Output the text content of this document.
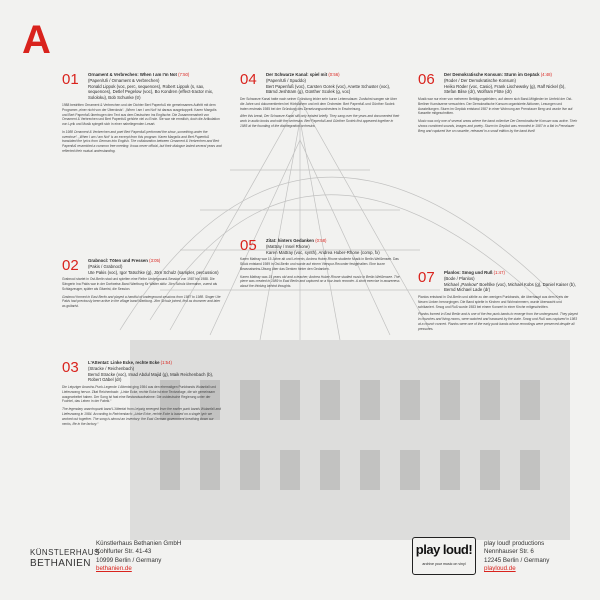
A
01	Ornament & Verbrechen: When I am I'm Not (7:50)
(Papen/Uli / Ornament & Verbrechen)
Ronald Lippok (voc, perc, sequences), Robert Lippok (s, sax, sequences), Detlef Pegelow (voc), Bo Kondren (effect-tractor mix, Sololoku), Bob Schunke (tr)

1988 bestritten Ornament & Verbrechen und der Dichter Bert Papenfuß ein gemeinsames Auftritt mit dem Programm „einer nicht von der Überdosis“. „When I am I am Not“ ist daraus ausgekoppelt. Karen Margolis und Bert Papenfuß übertrugen den Text aus dem Deutschen ins Englische. Die Zusammenarbeit von Ornament & Verbrechen und Bert Papenfuß gehörte viel zu Ende. Sie war nie ernstlich, doch die Artikulation von Lyrik und Musik spiegelt sich in einer naheliegenden Lesart.

In 1988 Ornament & Verbrechen and poet Bert Papenfuß performed the show „something under the overdose“. „When I am I am Not“ is an excerpt from this program. Karen Margolis and Bert Papenfuß translated the lyrics from German into English. The collaboration between Ornament & Verbrechen and Bert Papenfuß resembled a common free meeting: it was never official, but their dialogue lasted several years and reflected their mutual understanding.

02	Grabnocl: Töten und Fressen (3:05)
(Pakis / Grabnocl)
Ute Pakis (voc), Igor Tatschke (g), Jörn Schulz (sampler, percussion)

Grabnocl startet in Ost-Berlin stad und spielten eine Reihe Underground-Session von 1987 bis 1988. Die Sängerin Ina Pakis war in der Dorfweise-Band Wartburg für Walter aktiv. Jörn Schulz übernahm, zuerst als Schlagzeuger, später als Gitarrist, die Session.

Grabnocl formed in East Berlin and played a handful of underground sessions from 1987 to 1988. Singer Ute Pakis had previously been active in the village band Wartburg. Jörn Schulz joined, first as drummer and later as guitarist.

03	L'Attentat: Linke Ecke, rechte Ecke (1:54)
(Stracke / Reichenbach)
Bernd Stracke (voc), Imad Abdul Majid (g), Maik Reichenbach (b), Robert Gäbel (dr)

Die Leipziger Anarcho-Punk-Legende L'Attentat ging 1984 aus den ehemaligen Punkbands Wutanfall und Lieferzwang hervor. Zitat Reichenbach: „Linke Ecke, rechte Ecke ist eine Textvorlage, die wir gemeinsam ausgearbeitet haben. Der Song ist fast eine Bestandsaufnahme: Die ostdeutsche Regierung unter der Fuchtel, das Leben in der Fabrik.“

The legendary anarchopunk band L'Attentat from Leipzig emerged from the earlier punk bands Wutanfall and Lieferzwang in 1984. According to Reichenbach: „Linke Ecke, rechte Ecke is based on a single lyric we worked out together. The song is almost an inventory: the East German government breathing down our necks, life in the factory.“

04	Der Schwarze Kanal: spiel mit (0:56)
(Papen/Uli / Spuddo)
Bert Papenfuß (voc), Carsten Gorek (voc), Anette Schuster (voc), Bärnd Jeshtram (g), Günther Scolek (g, voc)

Der Schwarze Kanal hatte nach seiner Gründung leider sehr kurze Lebensdauer. Zunächst sangen sie über die Jahre und dokumentierten bei Hörbüchern und mit dem Orchester. Bert Papenfuß und Günther Scolek traten erstmals 1985 bei der Gründung des Zersetzungsorchesters in Erscheinung.

After this break, Der Schwarze Kanal still only existed briefly. They sang over the years and documented their work in audio books and with the orchestra. Bert Papenfuß and Günther Scolek first appeared together in 1985 at the founding of the disintegration orchestra.

05	Zitat: hinters Gedanken (0:58)
(Mattray / Insel Rhone)
Karen Mattray (voc, synth), Andrea Huber-Rhone (comp, fx)

Karen Mattray war 15 Jahre alt und Lehrerin, Andrea Huber-Rhone studierte Musik in Berlin-Weißensee. Das Stück entstand 1989 in Ost-Berlin und wurde auf einem Vierspur-Recorder festgehalten. Eine kurze Bewusstseins-Übung über das Denken hinter den Gedanken.

Karen Mattray was 15 years old and a teacher; Andrea Huber-Rhone studied music in Berlin-Weißensee. The piece was created in 1989 in East Berlin and captured on a four-track recorder. A short exercise in awareness about the thinking behind thoughts.

06	Der Demokratische Konsum: Sturm im Gepäck (4:48)
(Roder / Der Demokratische Konsum)
Heiko Röder (voc, Casio), Frank Lischewsky (g), Ralf Nickel (b), Stefan Bilse (dr), Wolfram Flöte (dr)

Musik war nur einer von mehreren Betätigungsfeldern, auf denen sich Band-Mitglieder im Umfeld der Ost-Berliner Kunstszene versuchten. Der Demokratische Konsum organisierte Aktionen, Lesungen und Ausstellungen. Sturm im Gepäck entstand 1987 in einer Wohnung am Prenzlauer Berg und wurde live auf Kassette mitgeschnitten.

Music was only one of several areas where the band collective Der Demokratische Konsum was active. Their shows combined sounds, images and poetry. Sturm im Gepäck was recorded in 1987 in a flat in Prenzlauer Berg and captured live on cassette, released in a small edition by the band itself.

07	Planlos: Smog und Ruß (1:47)
(Bode / Planlos)
Michael „Pankow“ Boehlke (voc), Michael Kobs (g), Daniel Kaiser (b), Bernd Michael Lade (dr)

Planlos entstand in Ost-Berlin und zählte zu den wenigen Punkbands, die überhaupt aus dem Kreis der Neuen Linken hervorgingen. Die Band spielte in Kirchen und Wohnzimmern, wurde überwacht und schikaniert. Smog und Ruß wurde 1983 bei einem Konzert in einer Kirche mitgeschnitten.

Planlos formed in East Berlin and is one of the few punk bands to emerge from the underground. They played in churches and living rooms, were watched and harassed by the state. Smog und Ruß was captured in 1983 at a church concert. Planlos were one of the early punk bands whose recordings were preserved despite all pressures.

KÜNSTLERHAUS
BETHANIEN
Künstlerhaus Bethanien GmbH
Kohlfurter Str. 41-43
10999 Berlin / Germany
bethanien.de
play loud!
archive your music on vinyl
play loud! productions
Nennhauser Str. 6
12245 Berlin / Germany
playloud.de
